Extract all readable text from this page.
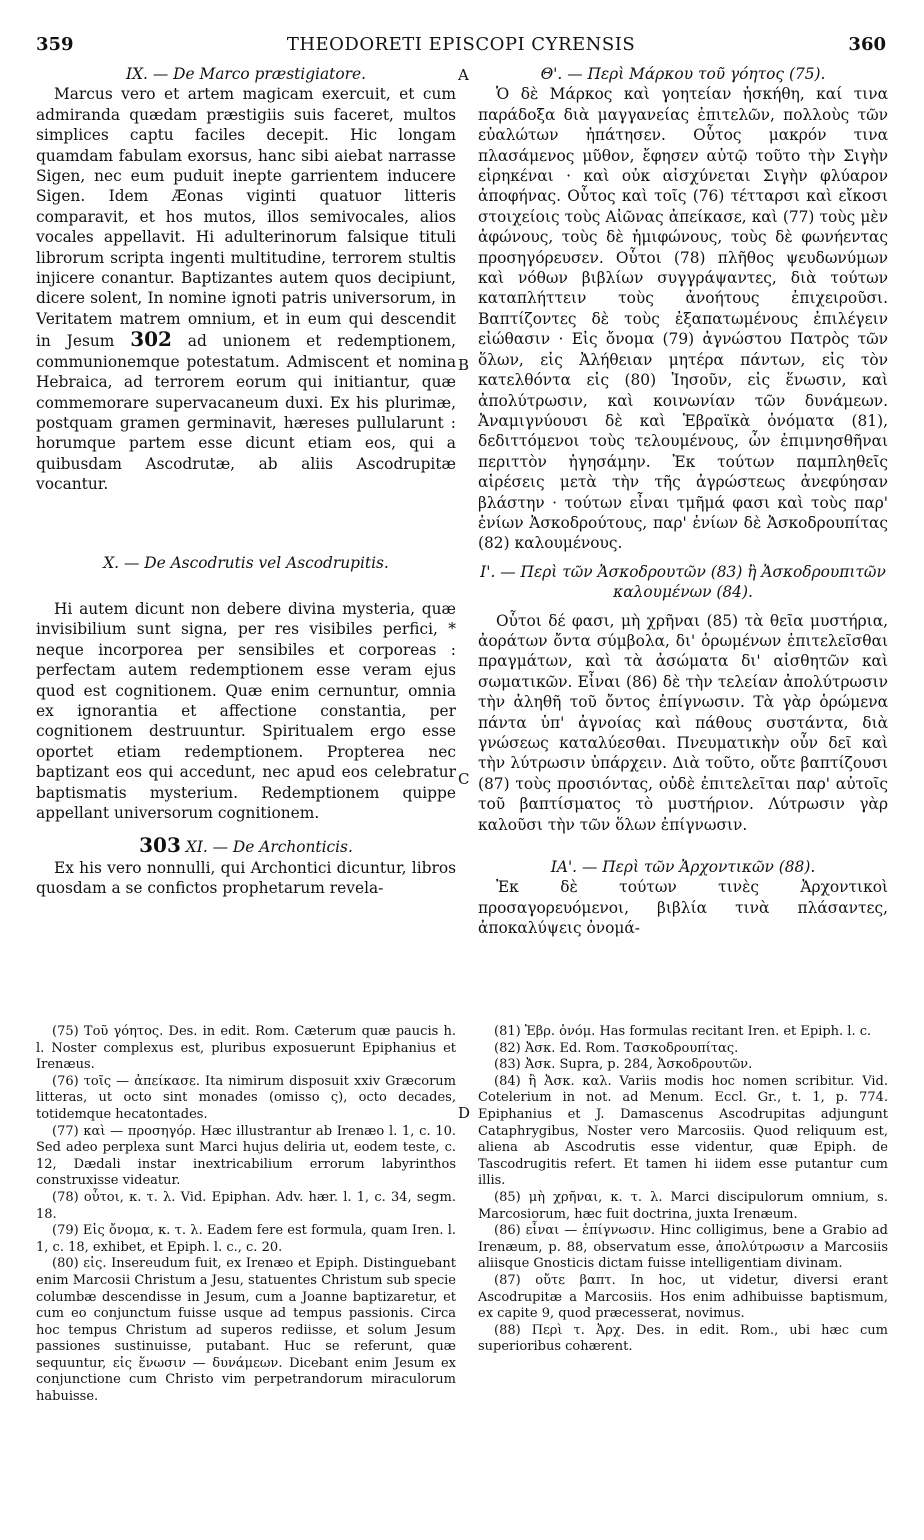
359	THEODORETI EPISCOPI CYRENSIS	360
A
B
C
D

IX. — De Marco præstigiatore.

Marcus vero et artem magicam exercuit, et cum admiranda quædam præstigiis suis faceret, multos simplices captu faciles decepit. Hic longam quamdam fabulam exorsus, hanc sibi aiebat narrasse Sigen, nec eum puduit inepte garrientem inducere Sigen. Idem Æonas viginti quatuor litteris comparavit, et hos mutos, illos semivocales, alios vocales appellavit. Hi adulterinorum falsique tituli librorum scripta ingenti multitudine, terrorem stultis injicere conantur. Baptizantes autem quos decipiunt, dicere solent, In nomine ignoti patris universorum, in Veritatem matrem omnium, et in eum qui descendit in Jesum 302 ad unionem et redemptionem, communionemque potestatum. Admiscent et nomina Hebraica, ad terrorem eorum qui initiantur, quæ commemorare supervacaneum duxi. Ex his plurimæ, postquam gramen germinavit, hæreses pullularunt : horumque partem esse dicunt etiam eos, qui a quibusdam Ascodrutæ, ab aliis Ascodrupitæ vocantur.

X. — De Ascodrutis vel Ascodrupitis.

Hi autem dicunt non debere divina mysteria, quæ invisibilium sunt signa, per res visibiles perfici, * neque incorporea per sensibiles et corporeas : perfectam autem redemptionem esse veram ejus quod est cognitionem. Quæ enim cernuntur, omnia ex ignorantia et affectione constantia, per cognitionem destruuntur. Spiritualem ergo esse oportet etiam redemptionem. Propterea nec baptizant eos qui accedunt, nec apud eos celebratur baptismatis mysterium. Redemptionem quippe appellant universorum cognitionem.

303 XI. — De Archonticis.

Ex his vero nonnulli, qui Archontici dicuntur, libros quosdam a se confictos prophetarum revela-

Θ'. — Περὶ Μάρκου τοῦ γόητος (75).

Ὁ δὲ Μάρκος καὶ γοητείαν ἠσκήθη, καί τινα παράδοξα διὰ μαγγανείας ἐπιτελῶν, πολλοὺς τῶν εὐαλώτων ἠπάτησεν. Οὗτος μακρόν τινα πλασάμενος μῦθον, ἔφησεν αὐτῷ τοῦτο τὴν Σιγὴν εἰρηκέναι · καὶ οὐκ αἰσχύνεται Σιγὴν φλύαρον ἀποφήνας. Οὗτος καὶ τοῖς (76) τέτταρσι καὶ εἴκοσι στοιχείοις τοὺς Αἰῶνας ἀπείκασε, καὶ (77) τοὺς μὲν ἀφώνους, τοὺς δὲ ἡμιφώνους, τοὺς δὲ φωνήεντας προσηγόρευσεν. Οὗτοι (78) πλῆθος ψευδωνύμων καὶ νόθων βιβλίων συγγράψαντες, διὰ τούτων καταπλήττειν τοὺς ἀνοήτους ἐπιχειροῦσι. Βαπτίζοντες δὲ τοὺς ἐξαπατωμένους ἐπιλέγειν εἰώθασιν · Εἰς ὄνομα (79) ἀγνώστου Πατρὸς τῶν ὅλων, εἰς Ἀλήθειαν μητέρα πάντων, εἰς τὸν κατελθόντα εἰς (80) Ἰησοῦν, εἰς ἕνωσιν, καὶ ἀπολύτρωσιν, καὶ κοινωνίαν τῶν δυνάμεων. Ἀναμιγνύουσι δὲ καὶ Ἑβραϊκὰ ὀνόματα (81), δεδιττόμενοι τοὺς τελουμένους, ὧν ἐπιμνησθῆναι περιττὸν ἡγησάμην. Ἐκ τούτων παμπληθεῖς αἱρέσεις μετὰ τὴν τῆς ἀγρώστεως ἀνεφύησαν βλάστην · τούτων εἶναι τμῆμά φασι καὶ τοὺς παρ' ἐνίων Ἀσκοδρούτους, παρ' ἐνίων δὲ Ἀσκοδρουπίτας (82) καλουμένους.

Ι'. — Περὶ τῶν Ἀσκοδρουτῶν (83) ἢ Ἀσκοδρουπιτῶν καλουμένων (84).

Οὗτοι δέ φασι, μὴ χρῆναι (85) τὰ θεῖα μυστήρια, ἀοράτων ὄντα σύμβολα, δι' ὁρωμένων ἐπιτελεῖσθαι πραγμάτων, καὶ τὰ ἀσώματα δι' αἰσθητῶν καὶ σωματικῶν. Εἶναι (86) δὲ τὴν τελείαν ἀπολύτρωσιν τὴν ἀληθῆ τοῦ ὄντος ἐπίγνωσιν. Τὰ γὰρ ὁρώμενα πάντα ὑπ' ἀγνοίας καὶ πάθους συστάντα, διὰ γνώσεως καταλύεσθαι. Πνευματικὴν οὖν δεῖ καὶ τὴν λύτρωσιν ὑπάρχειν. Διὰ τοῦτο, οὔτε βαπτίζουσι (87) τοὺς προσιόντας, οὐδὲ ἐπιτελεῖται παρ' αὐτοῖς τοῦ βαπτίσματος τὸ μυστήριον. Λύτρωσιν γὰρ καλοῦσι τὴν τῶν ὅλων ἐπίγνωσιν.

ΙΑ'. — Περὶ τῶν Ἀρχοντικῶν (88).

Ἐκ δὲ τούτων τινὲς Ἀρχοντικοὶ προσαγορευόμενοι, βιβλία τινὰ πλάσαντες, ἀποκαλύψεις ὀνομά-

(75) Τοῦ γόητος. Des. in edit. Rom. Cæterum quæ paucis h. l. Noster complexus est, pluribus exposuerunt Epiphanius et Irenæus.

(76) τοῖς — ἀπείκασε. Ita nimirum disposuit xxiv Græcorum litteras, ut octo sint monades (omisso ς), octo decades, totidemque hecatontades.

(77) καὶ — προσηγόρ. Hæc illustrantur ab Irenæo l. 1, c. 10. Sed adeo perplexa sunt Marci hujus deliria ut, eodem teste, c. 12, Dædali instar inextricabilium errorum labyrinthos construxisse videatur.

(78) οὗτοι, κ. τ. λ. Vid. Epiphan. Adv. hær. l. 1, c. 34, segm. 18.

(79) Εἰς ὄνομα, κ. τ. λ. Eadem fere est formula, quam Iren. l. 1, c. 18, exhibet, et Epiph. l. c., c. 20.

(80) εἰς. Insereudum fuit, ex Irenæo et Epiph. Distinguebant enim Marcosii Christum a Jesu, statuentes Christum sub specie columbæ descendisse in Jesum, cum a Joanne baptizaretur, et cum eo conjunctum fuisse usque ad tempus passionis. Circa hoc tempus Christum ad superos rediisse, et solum Jesum passiones sustinuisse, putabant. Huc se referunt, quæ sequuntur, εἰς ἕνωσιν — δυνάμεων. Dicebant enim Jesum ex conjunctione cum Christo vim perpetrandorum miraculorum habuisse.

(81) Ἑβρ. ὀνόμ. Has formulas recitant Iren. et Epiph. l. c.

(82) Ἀσκ. Ed. Rom. Τασκοδρουπίτας.

(83) Ἀσκ. Supra, p. 284, Ἀσκοδρουτῶν.

(84) ἢ Ἀσκ. καλ. Variis modis hoc nomen scribitur. Vid. Cotelerium in not. ad Menum. Eccl. Gr., t. 1, p. 774. Epiphanius et J. Damascenus Ascodrupitas adjungunt Cataphrygibus, Noster vero Marcosiis. Quod reliquum est, aliena ab Ascodrutis esse videntur, quæ Epiph. de Tascodrugitis refert. Et tamen hi iidem esse putantur cum illis.

(85) μὴ χρῆναι, κ. τ. λ. Marci discipulorum omnium, s. Marcosiorum, hæc fuit doctrina, juxta Irenæum.

(86) εἶναι — ἐπίγνωσιν. Hinc colligimus, bene a Grabio ad Irenæum, p. 88, observatum esse, ἀπολύτρωσιν a Marcosiis aliisque Gnosticis dictam fuisse intelligentiam divinam.

(87) οὔτε βαπτ. In hoc, ut videtur, diversi erant Ascodrupitæ a Marcosiis. Hos enim adhibuisse baptismum, ex capite 9, quod præcesserat, novimus.

(88) Περὶ τ. Ἀρχ. Des. in edit. Rom., ubi hæc cum superioribus cohærent.
